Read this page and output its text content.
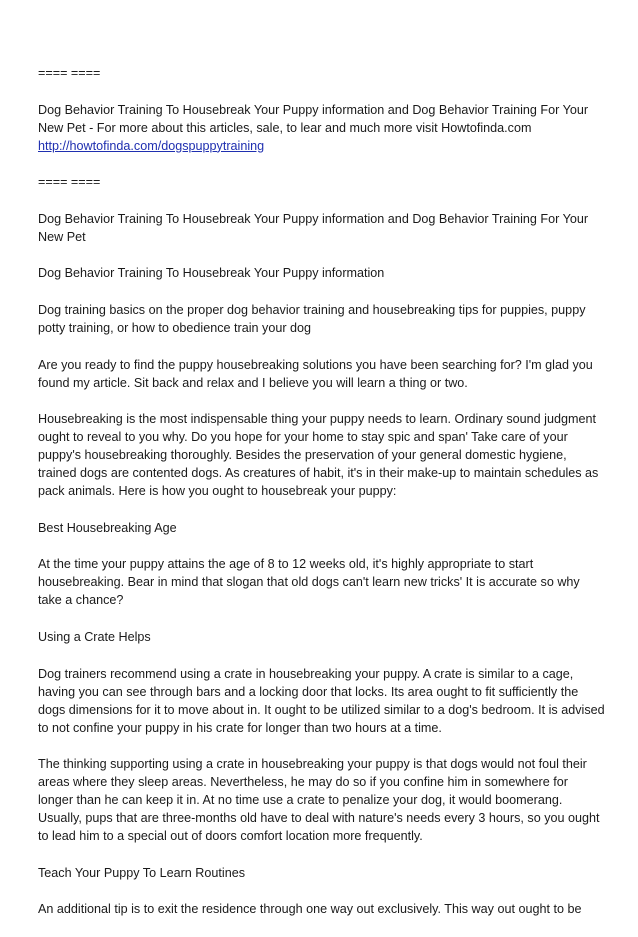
==== ====
Dog Behavior Training To Housebreak Your Puppy information and Dog Behavior Training For Your New Pet - For more about this articles, sale, to lear and much more visit Howtofinda.com
http://howtofinda.com/dogspuppytraining
==== ====
Dog Behavior Training To Housebreak Your Puppy information and Dog Behavior Training For Your New Pet
Dog Behavior Training To Housebreak Your Puppy information
Dog training basics on the proper dog behavior training and housebreaking tips for puppies, puppy potty training, or how to obedience train your dog
Are you ready to find the puppy housebreaking solutions you have been searching for? I'm glad you found my article. Sit back and relax and I believe you will learn a thing or two.
Housebreaking is the most indispensable thing your puppy needs to learn. Ordinary sound judgment ought to reveal to you why. Do you hope for your home to stay spic and span' Take care of your puppy's housebreaking thoroughly. Besides the preservation of your general domestic hygiene, trained dogs are contented dogs. As creatures of habit, it's in their make-up to maintain schedules as pack animals. Here is how you ought to housebreak your puppy:
Best Housebreaking Age
At the time your puppy attains the age of 8 to 12 weeks old, it's highly appropriate to start housebreaking. Bear in mind that slogan that old dogs can't learn new tricks' It is accurate so why take a chance?
Using a Crate Helps
Dog trainers recommend using a crate in housebreaking your puppy. A crate is similar to a cage, having you can see through bars and a locking door that locks. Its area ought to fit sufficiently the dogs dimensions for it to move about in. It ought to be utilized similar to a dog's bedroom. It is advised to not confine your puppy in his crate for longer than two hours at a time.
The thinking supporting using a crate in housebreaking your puppy is that dogs would not foul their areas where they sleep areas. Nevertheless, he may do so if you confine him in somewhere for longer than he can keep it in. At no time use a crate to penalize your dog, it would boomerang. Usually, pups that are three-months old have to deal with nature's needs every 3 hours, so you ought to lead him to a special out of doors comfort location more frequently.
Teach Your Puppy To Learn Routines
An additional tip is to exit the residence through one way out exclusively. This way out ought to be
